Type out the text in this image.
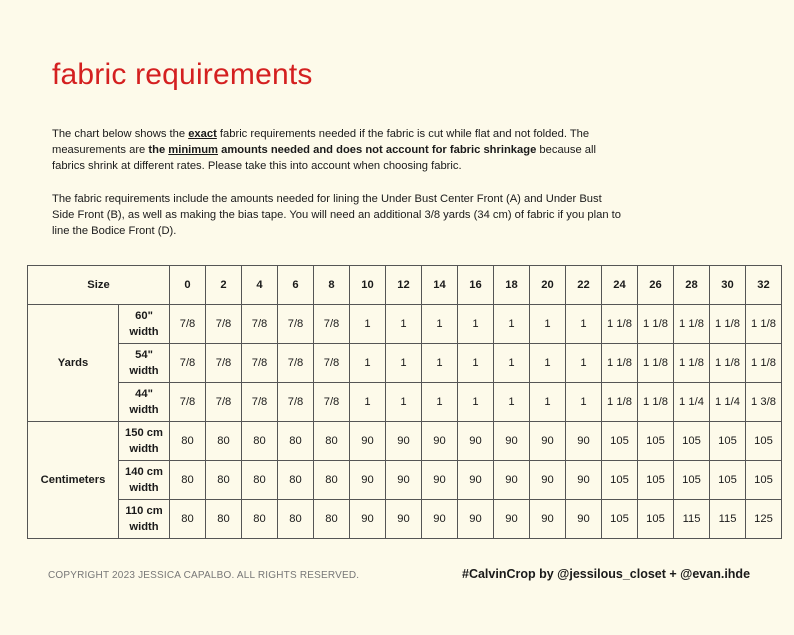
fabric requirements

The chart below shows the exact fabric requirements needed if the fabric is cut while flat and not folded. The measurements are the minimum amounts needed and does not account for fabric shrinkage because all fabrics shrink at different rates. Please take this into account when choosing fabric.

The fabric requirements include the amounts needed for lining the Under Bust Center Front (A) and Under Bust Side Front (B), as well as making the bias tape. You will need an additional 3/8 yards (34 cm) of fabric if you plan to line the Bodice Front (D).

Size		0	2	4	6	8	10	12	14	16	18	20	22	24	26	28	30	32
Yards	60" width	7/8	7/8	7/8	7/8	7/8	1	1	1	1	1	1	1	1 1/8	1 1/8	1 1/8	1 1/8	1 1/8
	54" width	7/8	7/8	7/8	7/8	7/8	1	1	1	1	1	1	1	1 1/8	1 1/8	1 1/8	1 1/8	1 1/8
	44" width	7/8	7/8	7/8	7/8	7/8	1	1	1	1	1	1	1	1 1/8	1 1/8	1 1/4	1 1/4	1 3/8
Centimeters	150 cm width	80	80	80	80	80	90	90	90	90	90	90	90	105	105	105	105	105
	140 cm width	80	80	80	80	80	90	90	90	90	90	90	90	105	105	105	105	105
	110 cm width	80	80	80	80	80	90	90	90	90	90	90	90	105	105	115	115	125
COPYRIGHT 2023 JESSICA CAPALBO. ALL RIGHTS RESERVED.	#CalvinCrop by @jessilous_closet + @evan.ihde
